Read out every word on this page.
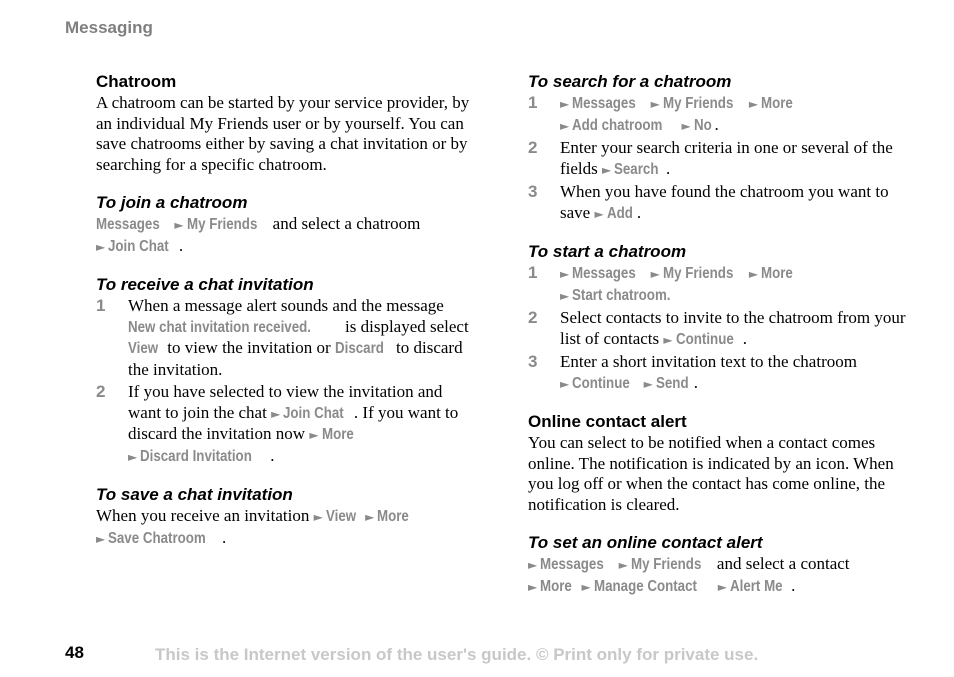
Messaging
Chatroom

A chatroom can be started by your service provider, by an individual My Friends user or by yourself. You can save chatrooms either by saving a chat invitation or by searching for a specific chatroom.

To join a chatroom

Messages ► My Friends and select a chatroom
► Join Chat .

To receive a chat invitation
1 When a message alert sounds and the message New chat invitation received. is displayed select View to view the invitation or Discard to discard the invitation.
2 If you have selected to view the invitation and want to join the chat ► Join Chat . If you want to discard the invitation now ► More
► Discard Invitation .
To save a chat invitation

When you receive an invitation ► View ► More
► Save Chatroom .

To search for a chatroom
1 ► Messages ► My Friends ► More
► Add chatroom ► No .
2 Enter your search criteria in one or several of the fields ► Search .
3 When you have found the chatroom you want to save ► Add .
To start a chatroom
1 ► Messages ► My Friends ► More
► Start chatroom.
2 Select contacts to invite to the chatroom from your list of contacts ► Continue .
3 Enter a short invitation text to the chatroom
► Continue ► Send .
Online contact alert

You can select to be notified when a contact comes online. The notification is indicated by an icon. When you log off or when the contact has come online, the notification is cleared.

To set an online contact alert

► Messages ► My Friends and select a contact
► More ► Manage Contact ► Alert Me .

48	This is the Internet version of the user's guide. © Print only for private use.
